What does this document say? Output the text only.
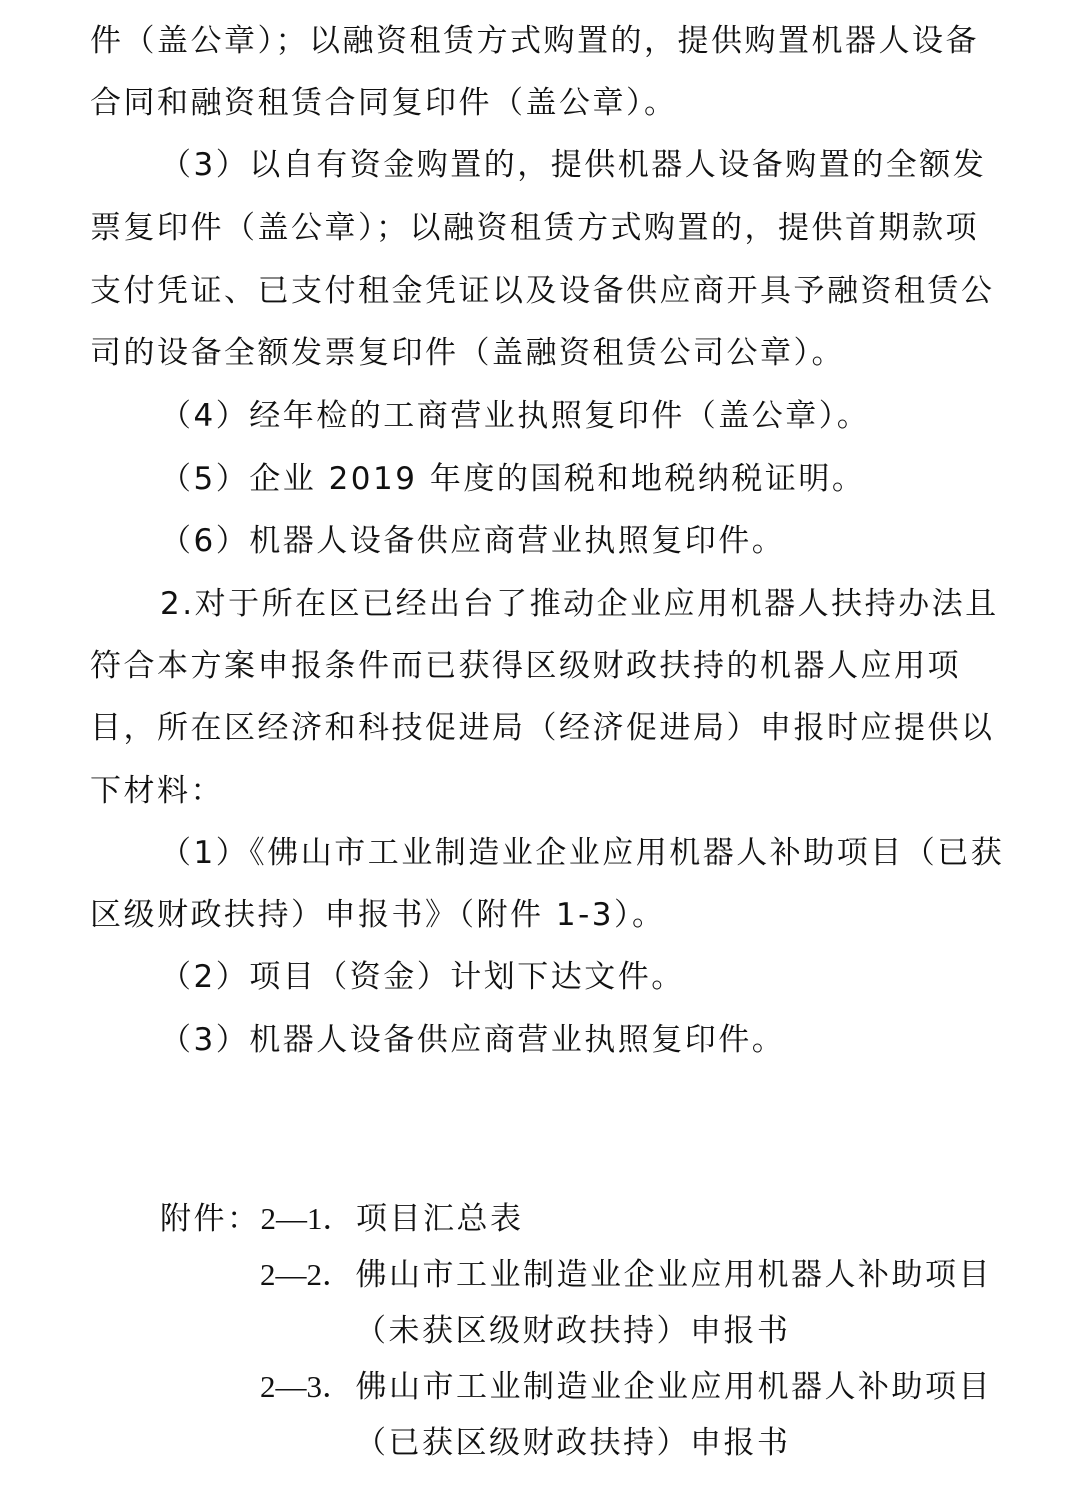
件（盖公章）；以融资租赁方式购置的，提供购置机器人设备
合同和融资租赁合同复印件（盖公章）。
（3）以自有资金购置的，提供机器人设备购置的全额发
票复印件（盖公章）；以融资租赁方式购置的，提供首期款项
支付凭证、已支付租金凭证以及设备供应商开具予融资租赁公
司的设备全额发票复印件（盖融资租赁公司公章）。
（4）经年检的工商营业执照复印件（盖公章）。
（5）企业 2019 年度的国税和地税纳税证明。
（6）机器人设备供应商营业执照复印件。
2.对于所在区已经出台了推动企业应用机器人扶持办法且
符合本方案申报条件而已获得区级财政扶持的机器人应用项
目，所在区经济和科技促进局（经济促进局）申报时应提供以
下材料：
（1）《佛山市工业制造业企业应用机器人补助项目（已获
区级财政扶持）申报书》（附件 1-3）。
（2）项目（资金）计划下达文件。
（3）机器人设备供应商营业执照复印件。
附件：2—1．项目汇总表
2—2．佛山市工业制造业企业应用机器人补助项目
（未获区级财政扶持）申报书
2—3．佛山市工业制造业企业应用机器人补助项目
（已获区级财政扶持）申报书
